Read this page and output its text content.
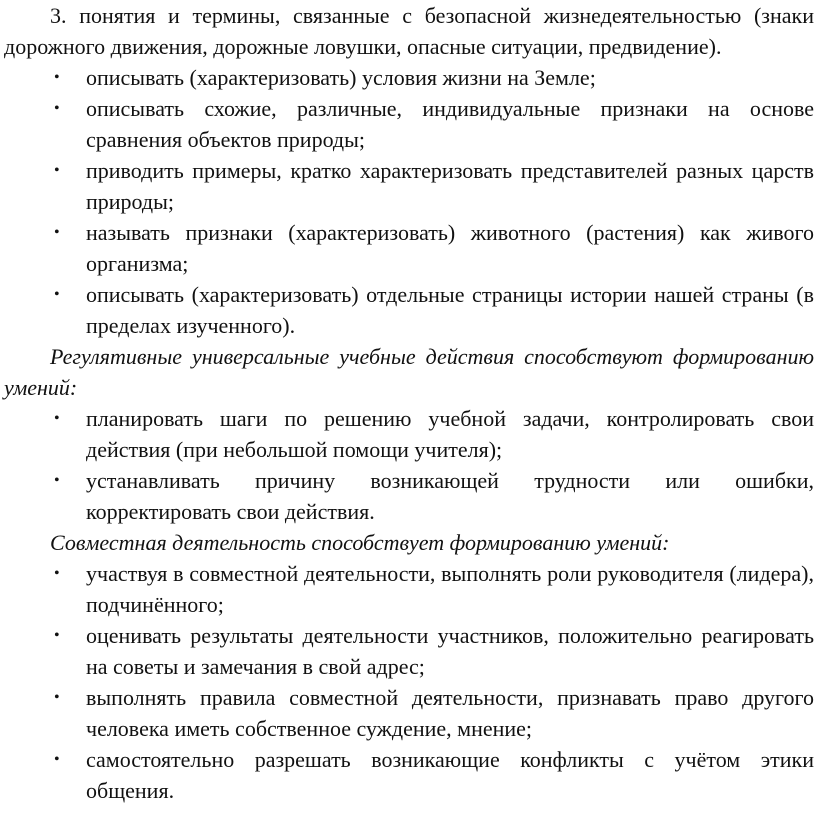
3. понятия и термины, связанные с безопасной жизнедеятельностью (знаки дорожного движения, дорожные ловушки, опасные ситуации, предвидение).

• описывать (характеризовать) условия жизни на Земле;
• описывать схожие, различные, индивидуальные признаки на основе сравнения объектов природы;
• приводить примеры, кратко характеризовать представителей разных царств природы;
• называть признаки (характеризовать) животного (растения) как живого организма;
• описывать (характеризовать) отдельные страницы истории нашей страны (в пределах изученного).

Регулятивные универсальные учебные действия способствуют формированию умений:

• планировать шаги по решению учебной задачи, контролировать свои действия (при небольшой помощи учителя);
• устанавливать причину возникающей трудности или ошибки, корректировать свои действия.

Совместная деятельность способствует формированию умений:

• участвуя в совместной деятельности, выполнять роли руководителя (лидера), подчинённого;
• оценивать результаты деятельности участников, положительно реагировать на советы и замечания в свой адрес;
• выполнять правила совместной деятельности, признавать право другого человека иметь собственное суждение, мнение;
• самостоятельно разрешать возникающие конфликты с учётом этики общения.
